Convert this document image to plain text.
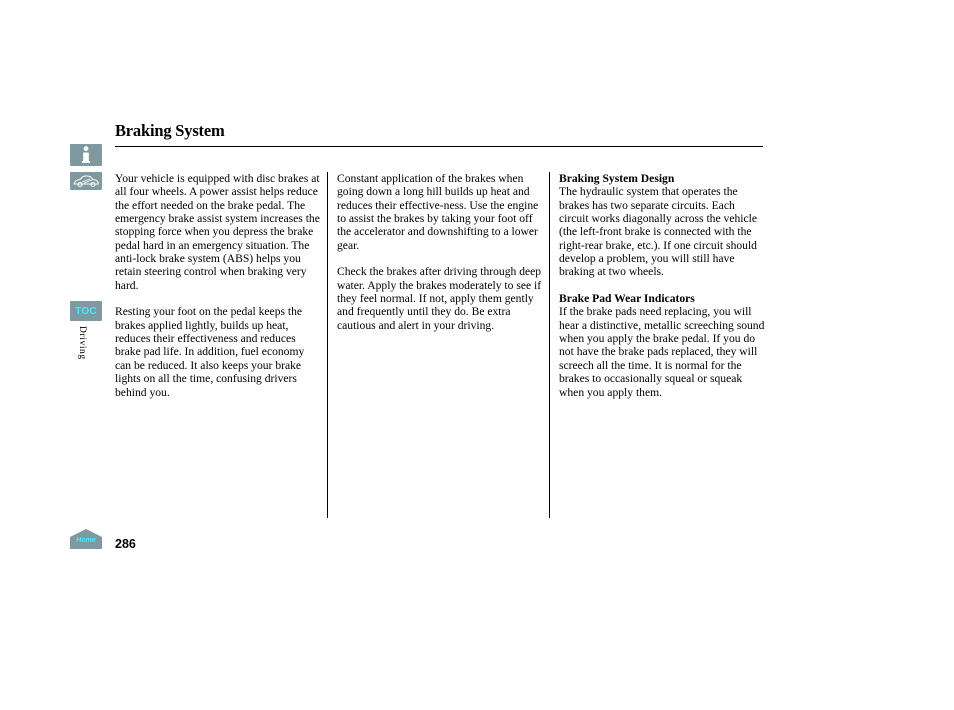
Braking System
TOC
Driving
Home

Your vehicle is equipped with disc brakes at all four wheels. A power assist helps reduce the effort needed on the brake pedal. The emergency brake assist system increases the stopping force when you depress the brake pedal hard in an emergency situation. The anti-lock brake system (ABS) helps you retain steering control when braking very hard.

Resting your foot on the pedal keeps the brakes applied lightly, builds up heat, reduces their effectiveness and reduces brake pad life. In addition, fuel economy can be reduced. It also keeps your brake lights on all the time, confusing drivers behind you.

Constant application of the brakes when going down a long hill builds up heat and reduces their effective-ness. Use the engine to assist the brakes by taking your foot off the accelerator and downshifting to a lower gear.

Check the brakes after driving through deep water. Apply the brakes moderately to see if they feel normal. If not, apply them gently and frequently until they do. Be extra cautious and alert in your driving.

Braking System Design
The hydraulic system that operates the brakes has two separate circuits. Each circuit works diagonally across the vehicle (the left-front brake is connected with the right-rear brake, etc.). If one circuit should develop a problem, you will still have braking at two wheels.

Brake Pad Wear Indicators
If the brake pads need replacing, you will hear a distinctive, metallic screeching sound when you apply the brake pedal. If you do not have the brake pads replaced, they will screech all the time. It is normal for the brakes to occasionally squeal or squeak when you apply them.

286
